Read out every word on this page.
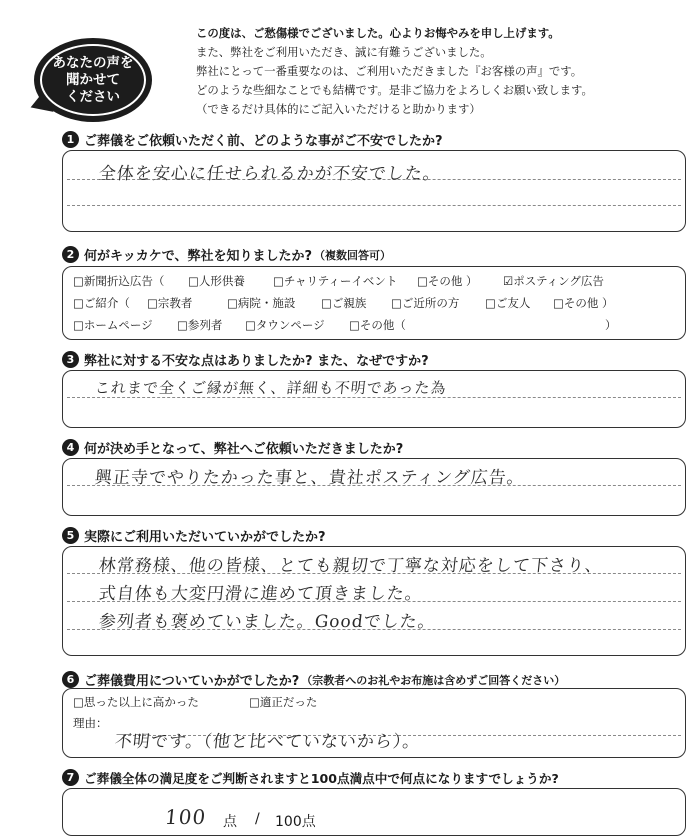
あなたの声を
聞かせて
ください
この度は、ご愁傷様でございました。心よりお悔やみを申し上げます。
また、弊社をご利用いただき、誠に有難うございました。
弊社にとって一番重要なのは、ご利用いただきました『お客様の声』です。
どのような些細なことでも結構です。是非ご協力をよろしくお願い致します。
（できるだけ具体的にご記入いただけると助かります）
1 ご葬儀をご依頼いただく前、どのような事がご不安でしたか?
全体を安心に任せられるかが不安でした。
2 何がキッカケで、弊社を知りましたか? （複数回答可）
□新聞折込広告（ □人形供養 □チャリティーイベント □その他 ） ☑ポスティング広告
□ご紹介（ □宗教者	□病院・施設 □ご親族 □ご近所の方 □ご友人 □その他 ）
□ホームページ □参列者 □タウンページ □その他（	）
3 弊社に対する不安な点はありましたか? また、なぜですか?
これまで全くご縁が無く、詳細も不明であった為
4 何が決め手となって、弊社へご依頼いただきましたか?
興正寺でやりたかった事と、貴社ポスティング広告。
5 実際にご利用いただいていかがでしたか?
林常務様、他の皆様、とても親切で丁寧な対応をして下さり、
式自体も大変円滑に進めて頂きました。
参列者も褒めていました。Goodでした。
6 ご葬儀費用についていかがでしたか? （宗教者へのお礼やお布施は含めずご回答ください）
□思った以上に高かった	□適正だった
理由：
不明です。（他と比べていないから）。
7 ご葬儀全体の満足度をご判断されますと100点満点中で何点になりますでしょうか?
100 点 / 100点
